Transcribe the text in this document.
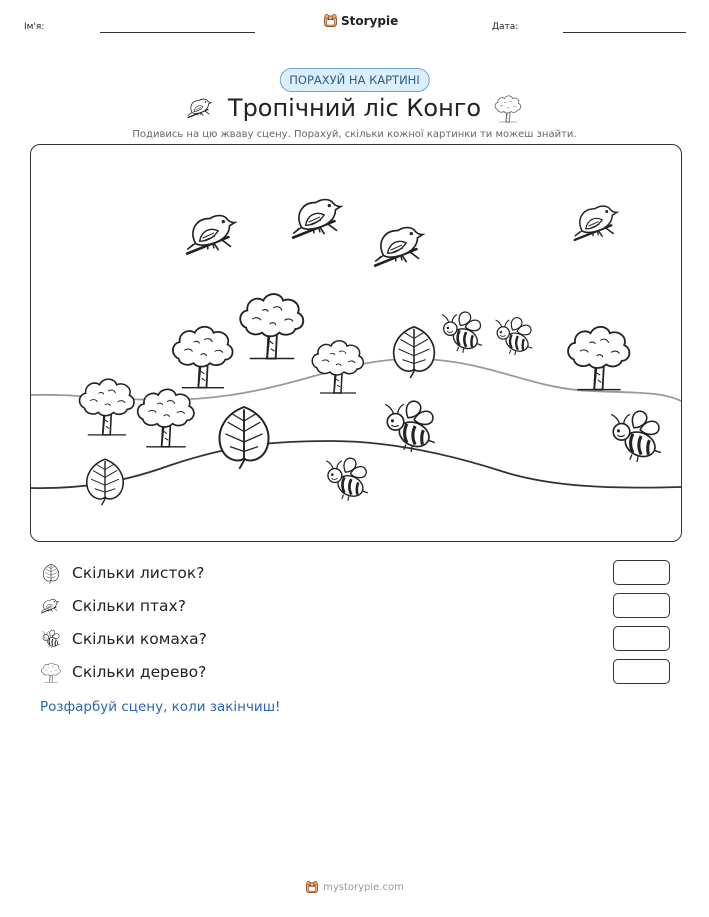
Ім'я:	Storypie	Дата:
ПОРАХУЙ НА КАРТИНІ
Тропічний ліс Конго
Подивись на цю жваву сцену. Порахуй, скільки кожної картинки ти можеш знайти.
Скільки листок?
Скільки птах?
Скільки комаха?
Скільки дерево?
Розфарбуй сцену, коли закінчиш!
mystorypie.com
